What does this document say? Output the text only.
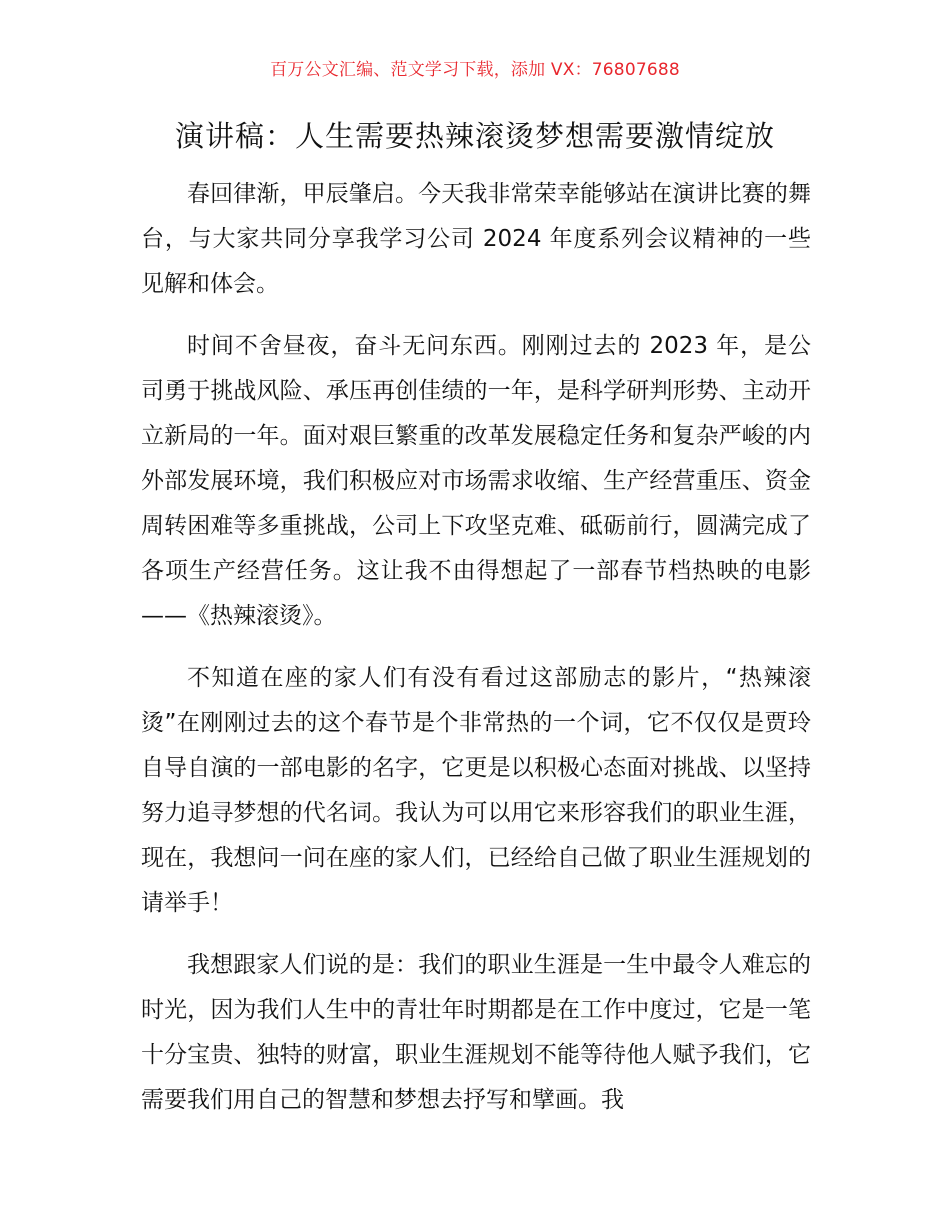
百万公文汇编、范文学习下载，添加 VX：76807688
演讲稿：人生需要热辣滚烫梦想需要激情绽放

春回律渐，甲辰肇启。今天我非常荣幸能够站在演讲比赛的舞台，与大家共同分享我学习公司 2024 年度系列会议精神的一些见解和体会。

时间不舍昼夜，奋斗无问东西。刚刚过去的 2023 年，是公司勇于挑战风险、承压再创佳绩的一年，是科学研判形势、主动开立新局的一年。面对艰巨繁重的改革发展稳定任务和复杂严峻的内外部发展环境，我们积极应对市场需求收缩、生产经营重压、资金周转困难等多重挑战，公司上下攻坚克难、砥砺前行，圆满完成了各项生产经营任务。这让我不由得想起了一部春节档热映的电影——《热辣滚烫》。

不知道在座的家人们有没有看过这部励志的影片，“热辣滚烫”在刚刚过去的这个春节是个非常热的一个词，它不仅仅是贾玲自导自演的一部电影的名字，它更是以积极心态面对挑战、以坚持努力追寻梦想的代名词。我认为可以用它来形容我们的职业生涯，现在，我想问一问在座的家人们，已经给自己做了职业生涯规划的请举手！

我想跟家人们说的是：我们的职业生涯是一生中最令人难忘的时光，因为我们人生中的青壮年时期都是在工作中度过，它是一笔十分宝贵、独特的财富，职业生涯规划不能等待他人赋予我们，它需要我们用自己的智慧和梦想去抒写和擘画。我
